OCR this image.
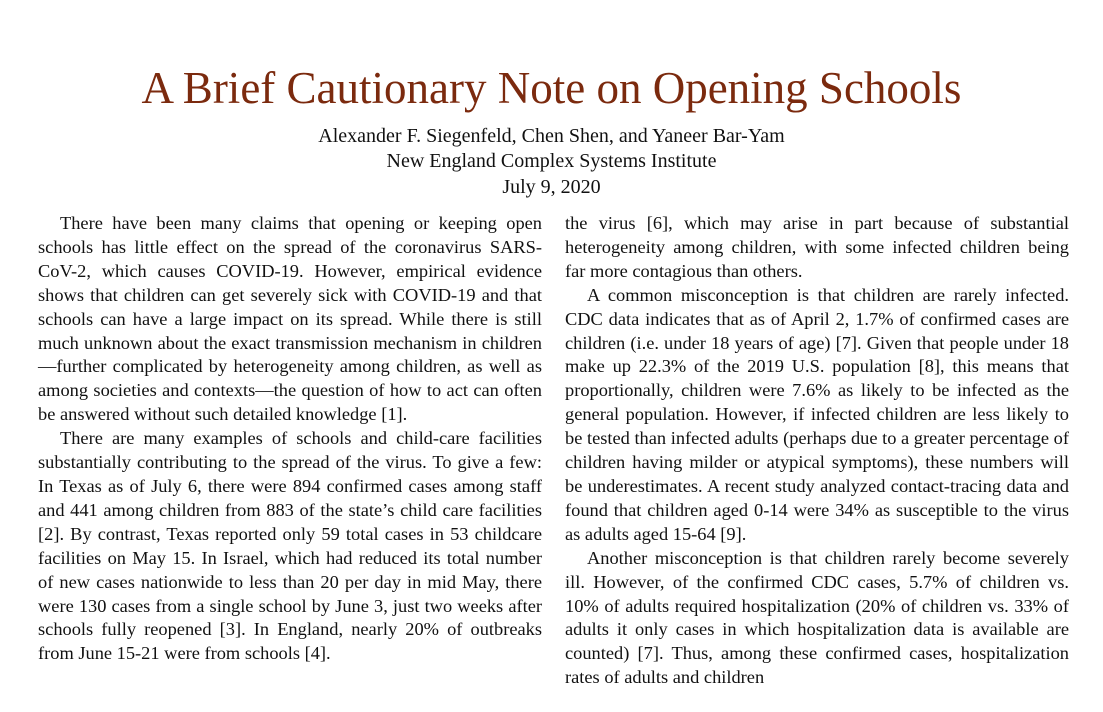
A Brief Cautionary Note on Opening Schools
Alexander F. Siegenfeld, Chen Shen, and Yaneer Bar-Yam
New England Complex Systems Institute
July 9, 2020

There have been many claims that opening or keeping open schools has little effect on the spread of the coronavirus SARS-CoV-2, which causes COVID-19. However, empirical evidence shows that children can get severely sick with COVID-19 and that schools can have a large impact on its spread. While there is still much unknown about the exact transmission mechanism in children—further complicated by heterogeneity among children, as well as among societies and contexts—the question of how to act can often be answered without such detailed knowledge [1].

There are many examples of schools and child-care facilities substantially contributing to the spread of the virus. To give a few: In Texas as of July 6, there were 894 confirmed cases among staff and 441 among children from 883 of the state’s child care facilities [2]. By contrast, Texas reported only 59 total cases in 53 childcare facilities on May 15. In Israel, which had reduced its total number of new cases nationwide to less than 20 per day in mid May, there were 130 cases from a single school by June 3, just two weeks after schools fully reopened [3]. In England, nearly 20% of outbreaks from June 15-21 were from schools [4].

the virus [6], which may arise in part because of substantial heterogeneity among children, with some infected children being far more contagious than others.

A common misconception is that children are rarely infected. CDC data indicates that as of April 2, 1.7% of confirmed cases are children (i.e. under 18 years of age) [7]. Given that people under 18 make up 22.3% of the 2019 U.S. population [8], this means that proportionally, children were 7.6% as likely to be infected as the general population. However, if infected children are less likely to be tested than infected adults (perhaps due to a greater percentage of children having milder or atypical symptoms), these numbers will be underestimates. A recent study analyzed contact-tracing data and found that children aged 0-14 were 34% as susceptible to the virus as adults aged 15-64 [9].

Another misconception is that children rarely become severely ill. However, of the confirmed CDC cases, 5.7% of children vs. 10% of adults required hospitalization (20% of children vs. 33% of adults it only cases in which hospitalization data is available are counted) [7]. Thus, among these confirmed cases, hospitalization rates of adults and children
